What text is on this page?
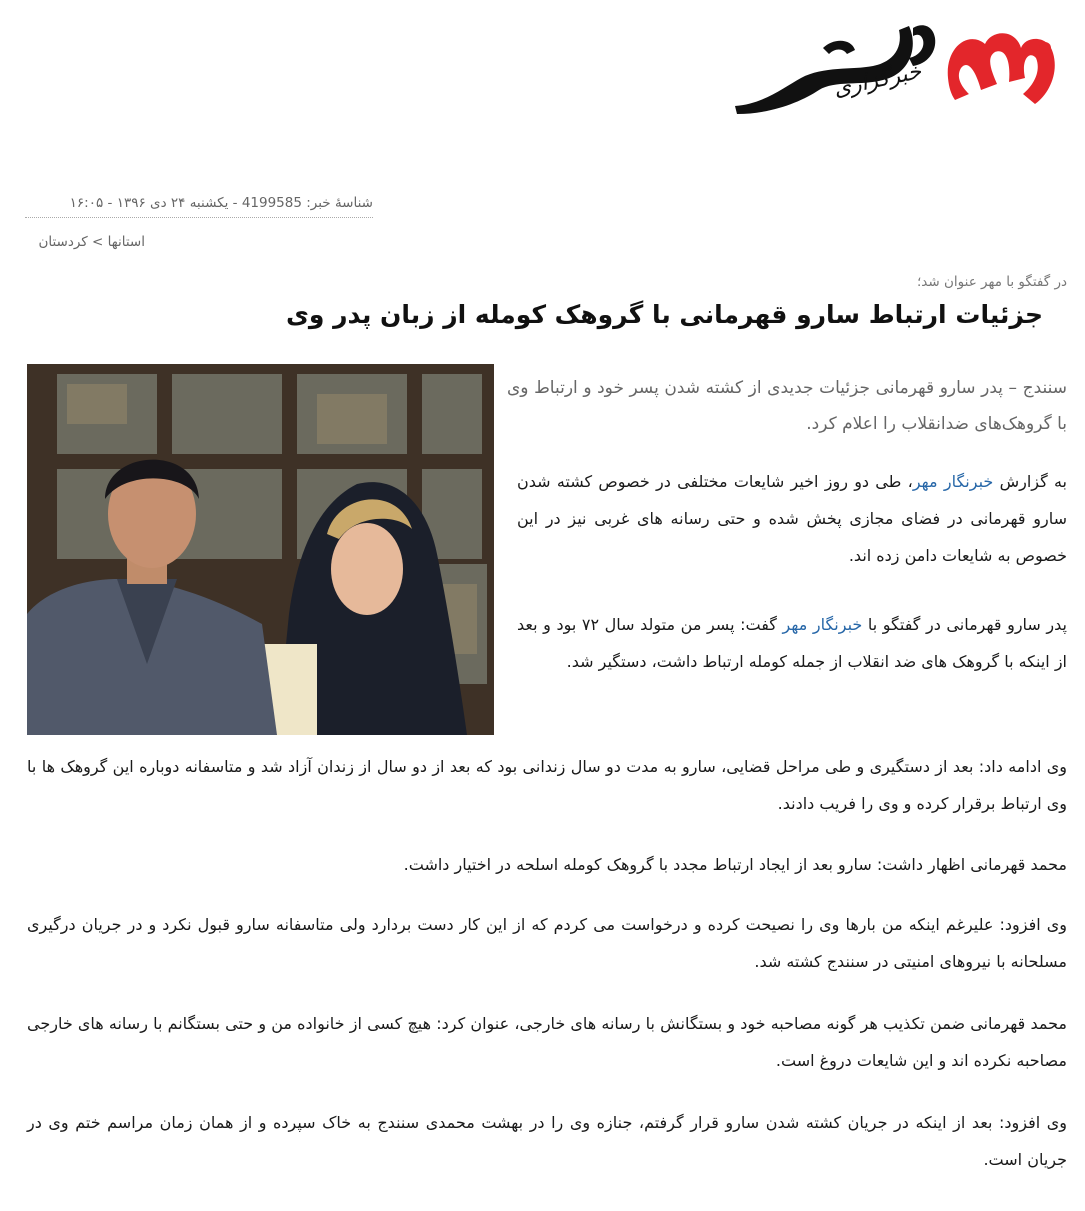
خبرگزاری
شناسهٔ خبر: 4199585 - یکشنبه ۲۴ دی ۱۳۹۶ - ۱۶:۰۵
استانها > کردستان
در گفتگو با مهر عنوان شد؛
جزئیات ارتباط سارو قهرمانی با گروهک کومله از زبان پدر وی

سنندج – پدر سارو قهرمانی جزئیات جدیدی از کشته شدن پسر خود و ارتباط وی با گروهک‌های ضدانقلاب را اعلام کرد.

به گزارش خبرنگار مهر، طی دو روز اخیر شایعات مختلفی در خصوص کشته شدن سارو قهرمانی در فضای مجازی پخش شده و حتی رسانه های غربی نیز در این خصوص به شایعات دامن زده اند.

پدر سارو قهرمانی در گفتگو با خبرنگار مهر گفت: پسر من متولد سال ۷۲ بود و بعد از اینکه با گروهک های ضد انقلاب از جمله کومله ارتباط داشت، دستگیر شد.

وی ادامه داد: بعد از دستگیری و طی مراحل قضایی، سارو به مدت دو سال زندانی بود که بعد از دو سال از زندان آزاد شد و متاسفانه دوباره این گروهک ها با وی ارتباط برقرار کرده و وی را فریب دادند.

محمد قهرمانی اظهار داشت: سارو بعد از ایجاد ارتباط مجدد با گروهک کومله اسلحه در اختیار داشت.

وی افزود: علیرغم اینکه من بارها وی را نصیحت کرده و درخواست می کردم که از این کار دست بردارد ولی متاسفانه سارو قبول نکرد و در جریان درگیری مسلحانه با نیروهای امنیتی در سنندج کشته شد.

محمد قهرمانی ضمن تکذیب هر گونه مصاحبه خود و بستگانش با رسانه های خارجی، عنوان کرد: هیچ کسی از خانواده من و حتی بستگانم با رسانه های خارجی مصاحبه نکرده اند و این شایعات دروغ است.

وی افزود: بعد از اینکه در جریان کشته شدن سارو قرار گرفتم، جنازه وی را در بهشت محمدی سنندج به خاک سپرده و از همان زمان مراسم ختم وی در جریان است.
